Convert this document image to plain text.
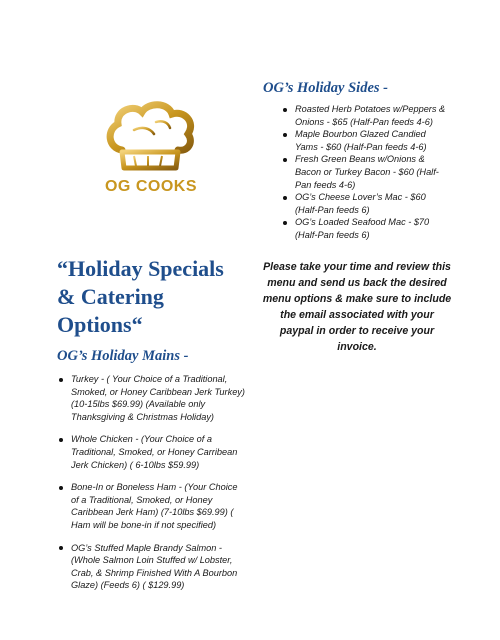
OG COOKS
“Holiday Specials
& Catering
Options“
OG’s Holiday Sides -
Roasted Herb Potatoes w/Peppers & Onions - $65 (Half-Pan feeds 4-6)
Maple Bourbon Glazed Candied Yams - $60 (Half-Pan feeds 4-6)
Fresh Green Beans w/Onions & Bacon or Turkey Bacon - $60 (Half-Pan feeds 4-6)
OG’s Cheese Lover’s Mac - $60 (Half-Pan feeds 6)
OG’s Loaded Seafood Mac - $70 (Half-Pan feeds 6)
Please take your time and review this menu and send us back the desired menu options & make sure to include the email associated with your paypal in order to receive your invoice.
OG’s Holiday Mains -
Turkey - ( Your Choice of a Traditional, Smoked, or Honey Caribbean Jerk Turkey) (10-15lbs $69.99) (Available only Thanksgiving & Christmas Holiday)
Whole Chicken - (Your Choice of a Traditional, Smoked, or Honey Carribean Jerk Chicken) ( 6-10lbs $59.99)
Bone-In or Boneless Ham - (Your Choice of a Traditional, Smoked, or Honey Caribbean Jerk Ham) (7-10lbs $69.99) ( Ham will be bone-in if not specified)
OG’s Stuffed Maple Brandy Salmon - (Whole Salmon Loin Stuffed w/ Lobster, Crab, & Shrimp Finished With A Bourbon Glaze) (Feeds 6) ( $129.99)
